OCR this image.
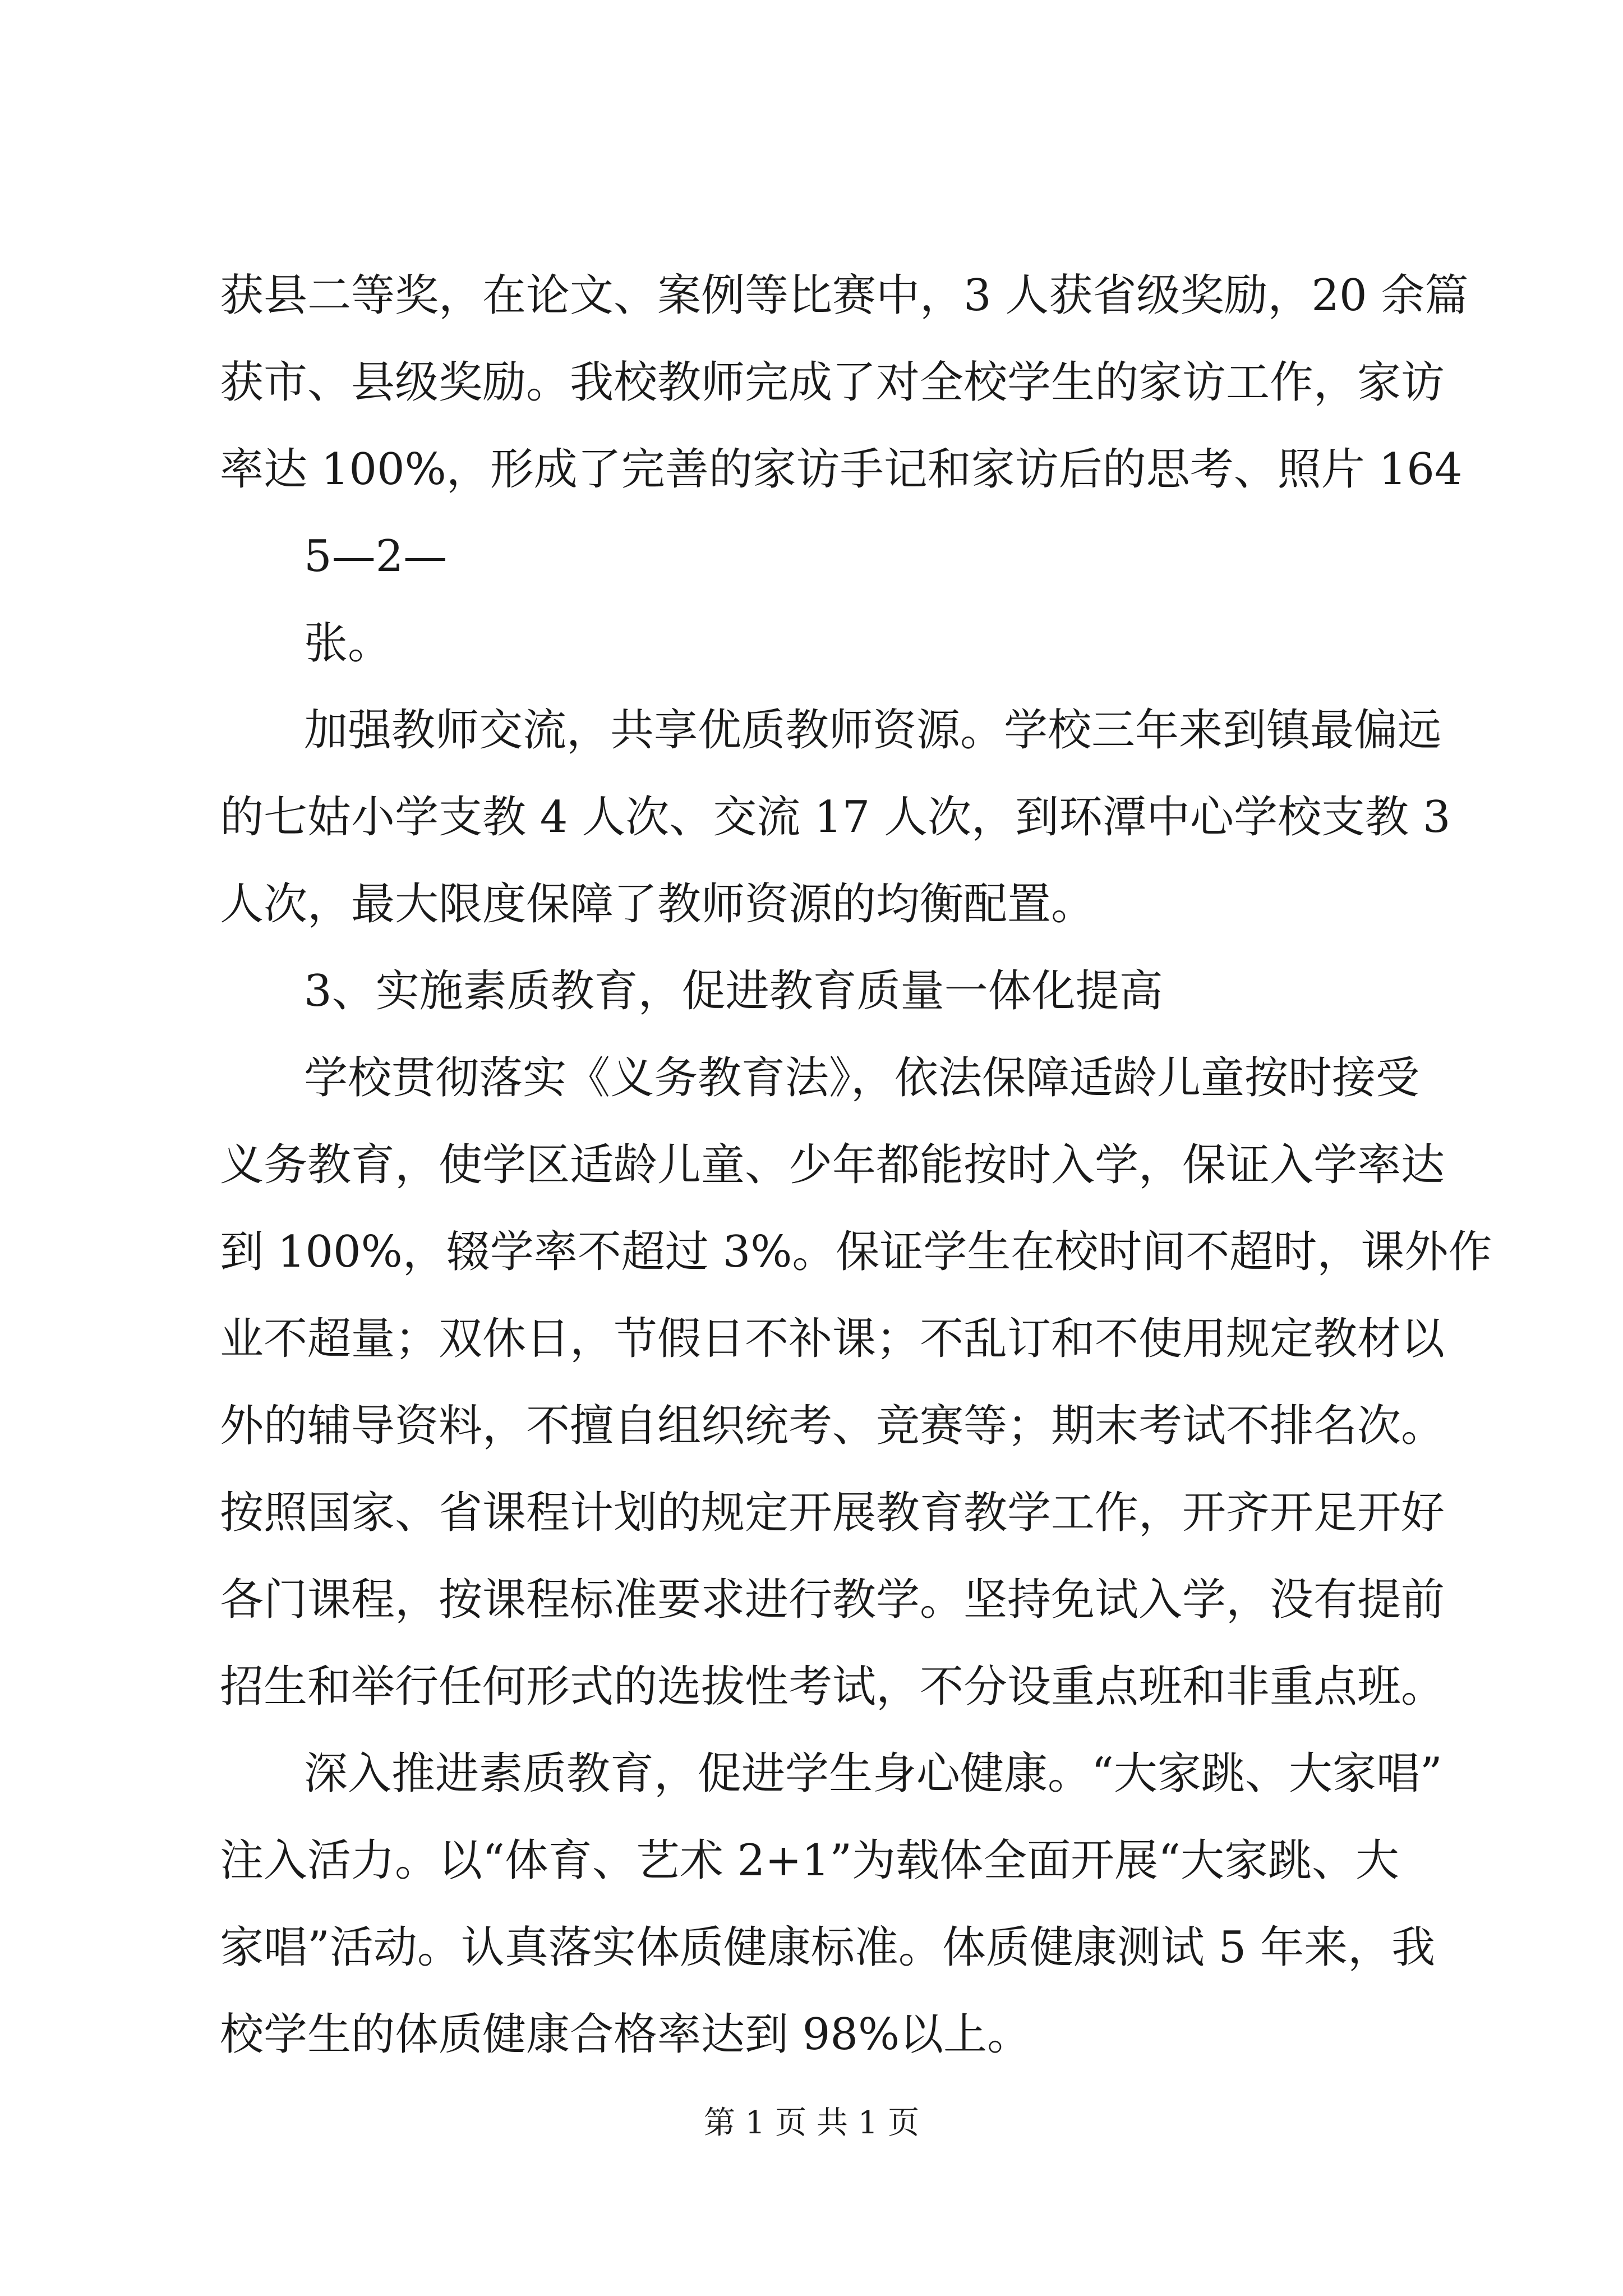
获县二等奖，在论文、案例等比赛中，3 人获省级奖励，20 余篇
获市、县级奖励。我校教师完成了对全校学生的家访工作，家访
率达 100%，形成了完善的家访手记和家访后的思考、照片 164
5—2—
张。
加强教师交流，共享优质教师资源。学校三年来到镇最偏远
的七姑小学支教 4 人次、交流 17 人次，到环潭中心学校支教 3
人次，最大限度保障了教师资源的均衡配置。
3、实施素质教育，促进教育质量一体化提高
学校贯彻落实《义务教育法》，依法保障适龄儿童按时接受
义务教育，使学区适龄儿童、少年都能按时入学，保证入学率达
到 100%，辍学率不超过 3%。保证学生在校时间不超时，课外作
业不超量；双休日，节假日不补课；不乱订和不使用规定教材以
外的辅导资料，不擅自组织统考、竞赛等；期末考试不排名次。
按照国家、省课程计划的规定开展教育教学工作，开齐开足开好
各门课程，按课程标准要求进行教学。坚持免试入学，没有提前
招生和举行任何形式的选拔性考试，不分设重点班和非重点班。
深入推进素质教育，促进学生身心健康。“大家跳、大家唱”
注入活力。以“体育、艺术 2+1”为载体全面开展“大家跳、大
家唱”活动。认真落实体质健康标准。体质健康测试 5 年来，我
校学生的体质健康合格率达到 98%以上。
第 1 页 共 1 页
